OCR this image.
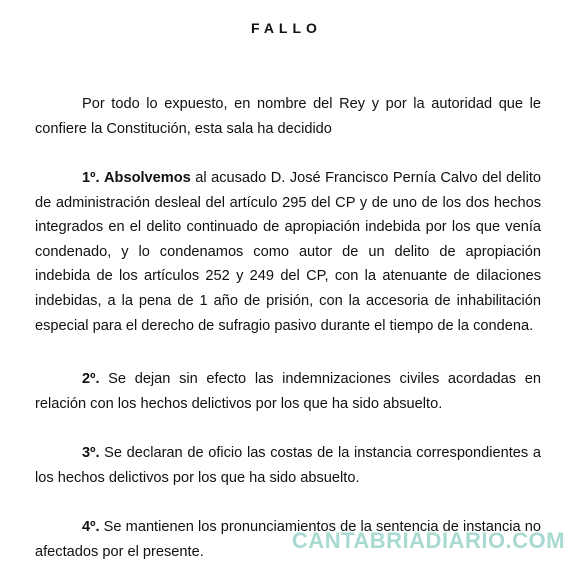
FALLO

Por todo lo expuesto, en nombre del Rey y por la autoridad que le confiere la Constitución, esta sala ha decidido

1º. Absolvemos al acusado D. José Francisco Pernía Calvo del delito de administración desleal del artículo 295 del CP y de uno de los dos hechos integrados en el delito continuado de apropiación indebida por los que venía condenado, y lo condenamos como autor de un delito de apropiación indebida de los artículos 252 y 249 del CP, con la atenuante de dilaciones indebidas, a la pena de 1 año de prisión, con la accesoria de inhabilitación especial para el derecho de sufragio pasivo durante el tiempo de la condena.

2º. Se dejan sin efecto las indemnizaciones civiles acordadas en relación con los hechos delictivos por los que ha sido absuelto.

3º. Se declaran de oficio las costas de la instancia correspondientes a los hechos delictivos por los que ha sido absuelto.

4º. Se mantienen los pronunciamientos de la sentencia de instancia no afectados por el presente.	CANTABRIADIARIO.COM
